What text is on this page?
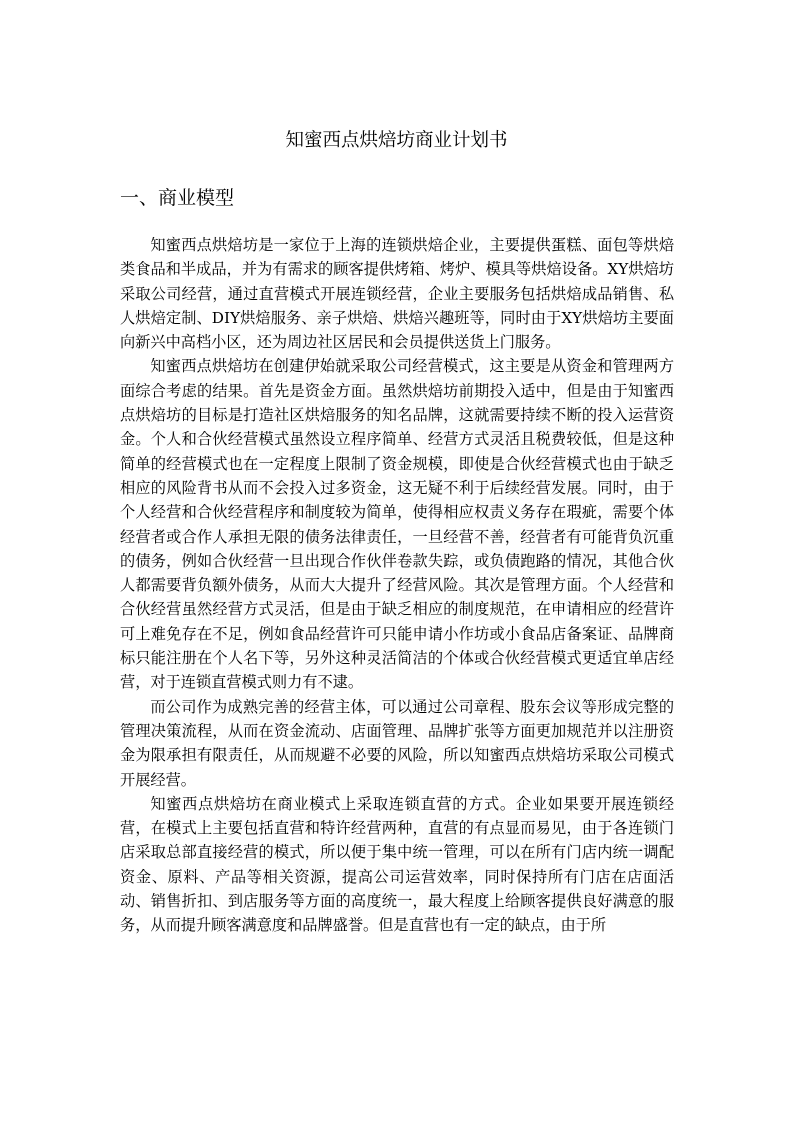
知蜜西点烘焙坊商业计划书
一、商业模型

知蜜西点烘焙坊是一家位于上海的连锁烘焙企业，主要提供蛋糕、面包等烘焙类食品和半成品，并为有需求的顾客提供烤箱、烤炉、模具等烘焙设备。XY烘焙坊采取公司经营，通过直营模式开展连锁经营，企业主要服务包括烘焙成品销售、私人烘焙定制、DIY烘焙服务、亲子烘焙、烘焙兴趣班等，同时由于XY烘焙坊主要面向新兴中高档小区，还为周边社区居民和会员提供送货上门服务。

知蜜西点烘焙坊在创建伊始就采取公司经营模式，这主要是从资金和管理两方面综合考虑的结果。首先是资金方面。虽然烘焙坊前期投入适中，但是由于知蜜西点烘焙坊的目标是打造社区烘焙服务的知名品牌，这就需要持续不断的投入运营资金。个人和合伙经营模式虽然设立程序简单、经营方式灵活且税费较低，但是这种简单的经营模式也在一定程度上限制了资金规模，即使是合伙经营模式也由于缺乏相应的风险背书从而不会投入过多资金，这无疑不利于后续经营发展。同时，由于个人经营和合伙经营程序和制度较为简单，使得相应权责义务存在瑕疵，需要个体经营者或合作人承担无限的债务法律责任，一旦经营不善，经营者有可能背负沉重的债务，例如合伙经营一旦出现合作伙伴卷款失踪，或负债跑路的情况，其他合伙人都需要背负额外债务，从而大大提升了经营风险。其次是管理方面。个人经营和合伙经营虽然经营方式灵活，但是由于缺乏相应的制度规范，在申请相应的经营许可上难免存在不足，例如食品经营许可只能申请小作坊或小食品店备案证、品牌商标只能注册在个人名下等，另外这种灵活简洁的个体或合伙经营模式更适宜单店经营，对于连锁直营模式则力有不逮。

而公司作为成熟完善的经营主体，可以通过公司章程、股东会议等形成完整的管理决策流程，从而在资金流动、店面管理、品牌扩张等方面更加规范并以注册资金为限承担有限责任，从而规避不必要的风险，所以知蜜西点烘焙坊采取公司模式开展经营。

知蜜西点烘焙坊在商业模式上采取连锁直营的方式。企业如果要开展连锁经营，在模式上主要包括直营和特许经营两种，直营的有点显而易见，由于各连锁门店采取总部直接经营的模式，所以便于集中统一管理，可以在所有门店内统一调配资金、原料、产品等相关资源，提高公司运营效率，同时保持所有门店在店面活动、销售折扣、到店服务等方面的高度统一，最大程度上给顾客提供良好满意的服务，从而提升顾客满意度和品牌盛誉。但是直营也有一定的缺点，由于所
